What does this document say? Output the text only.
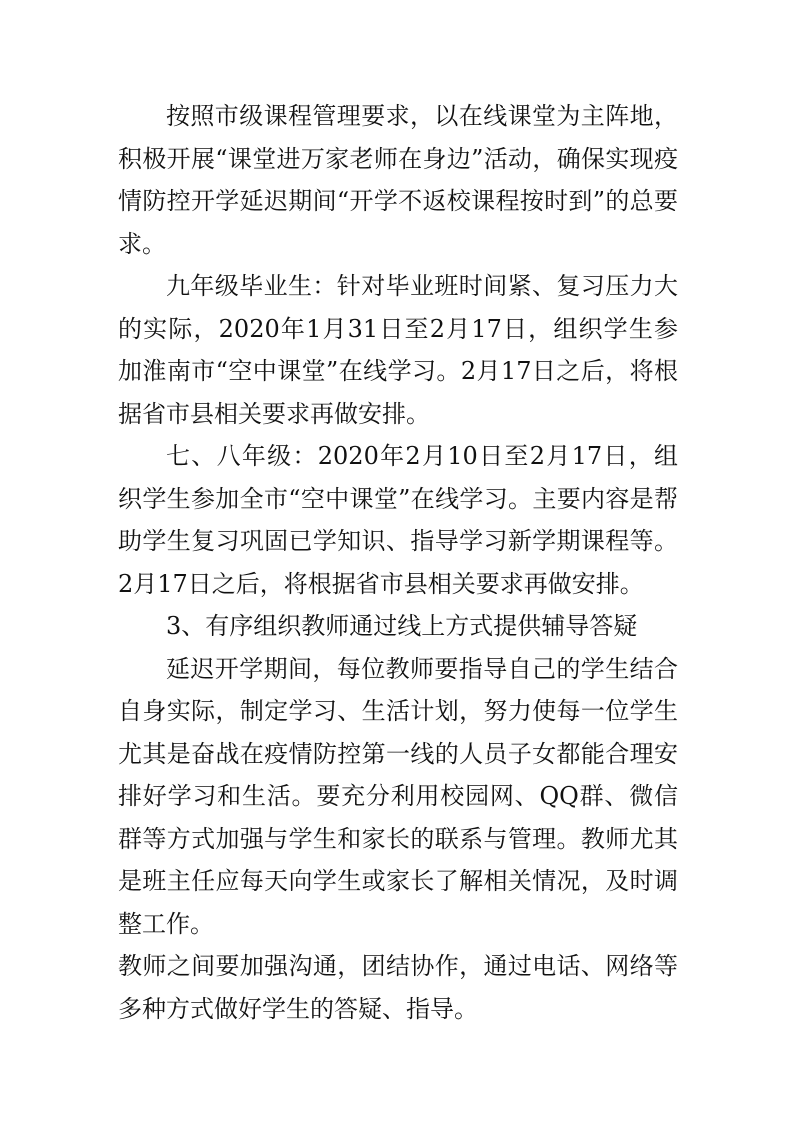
按照市级课程管理要求，以在线课堂为主阵地，积极开展“课堂进万家老师在身边”活动，确保实现疫情防控开学延迟期间“开学不返校课程按时到”的总要求。

九年级毕业生：针对毕业班时间紧、复习压力大的实际，2020年1月31日至2月17日，组织学生参加淮南市“空中课堂”在线学习。2月17日之后，将根据省市县相关要求再做安排。

七、八年级：2020年2月10日至2月17日，组织学生参加全市“空中课堂”在线学习。主要内容是帮助学生复习巩固已学知识、指导学习新学期课程等。2月17日之后，将根据省市县相关要求再做安排。

3、有序组织教师通过线上方式提供辅导答疑

延迟开学期间，每位教师要指导自己的学生结合自身实际，制定学习、生活计划，努力使每一位学生尤其是奋战在疫情防控第一线的人员子女都能合理安排好学习和生活。要充分利用校园网、QQ群、微信群等方式加强与学生和家长的联系与管理。教师尤其是班主任应每天向学生或家长了解相关情况，及时调整工作。

教师之间要加强沟通，团结协作，通过电话、网络等多种方式做好学生的答疑、指导。
